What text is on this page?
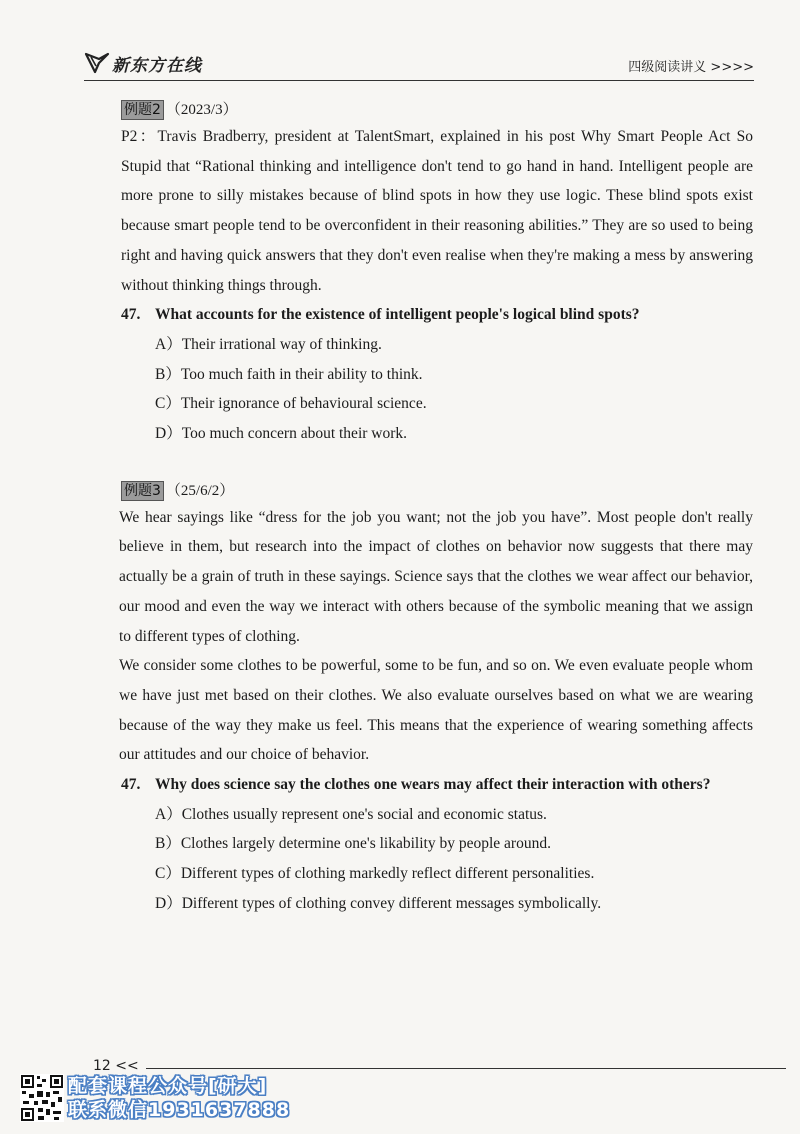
新东方在线	四级阅读讲义 >>>>
例题2 （2023/3）

P2：Travis Bradberry, president at TalentSmart, explained in his post Why Smart People Act So Stupid that “Rational thinking and intelligence don't tend to go hand in hand. Intelligent people are more prone to silly mistakes because of blind spots in how they use logic. These blind spots exist because smart people tend to be overconfident in their reasoning abilities.” They are so used to being right and having quick answers that they don't even realise when they're making a mess by answering without thinking things through.

47. What accounts for the existence of intelligent people's logical blind spots?

A）Their irrational way of thinking.

B）Too much faith in their ability to think.

C）Their ignorance of behavioural science.

D）Too much concern about their work.

例题3 （25/6/2）

We hear sayings like “dress for the job you want; not the job you have”. Most people don't really believe in them, but research into the impact of clothes on behavior now suggests that there may actually be a grain of truth in these sayings. Science says that the clothes we wear affect our behavior, our mood and even the way we interact with others because of the symbolic meaning that we assign to different types of clothing.

We consider some clothes to be powerful, some to be fun, and so on. We even evaluate people whom we have just met based on their clothes. We also evaluate ourselves based on what we are wearing because of the way they make us feel. This means that the experience of wearing something affects our attitudes and our choice of behavior.

47. Why does science say the clothes one wears may affect their interaction with others?

A）Clothes usually represent one's social and economic status.

B）Clothes largely determine one's likability by people around.

C）Different types of clothing markedly reflect different personalities.

D）Different types of clothing convey different messages symbolically.

12 <<
配套课程公众号[研大]
联系微信1931637888
